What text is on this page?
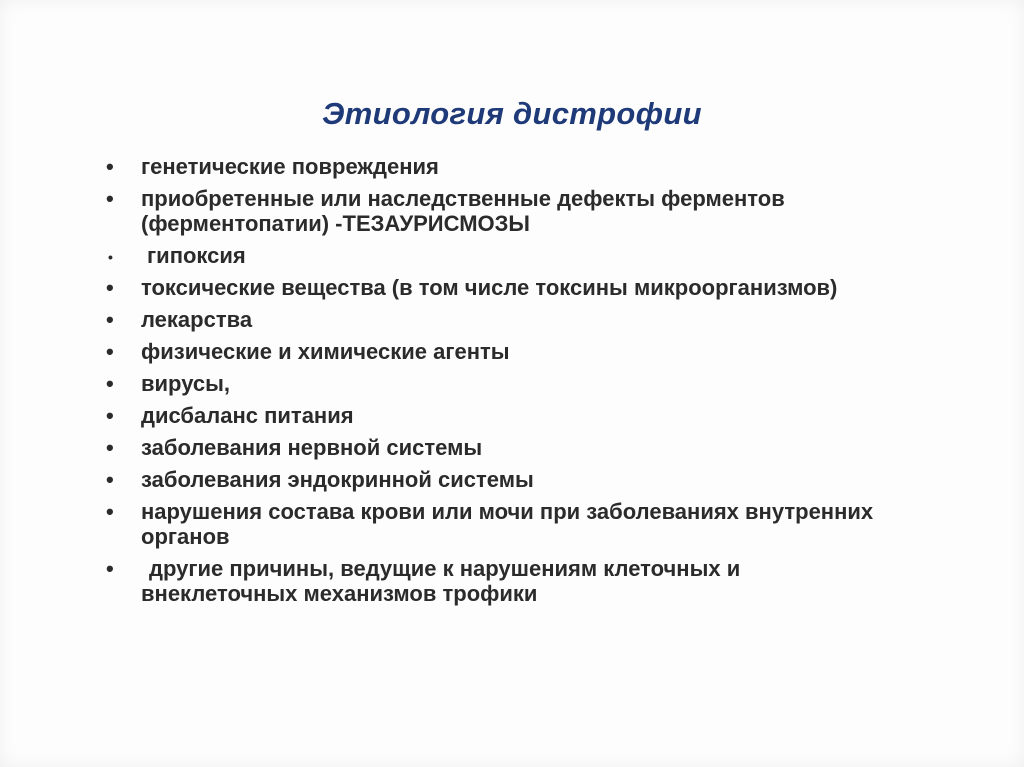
Этиология дистрофии
• генетические повреждения
• приобретенные или наследственные дефекты ферментов (ферментопатии) -ТЕЗАУРИСМОЗЫ
• гипоксия
• токсические вещества (в том числе токсины микроорганизмов)
• лекарства
• физические и химические агенты
• вирусы,
• дисбаланс питания
• заболевания нервной системы
• заболевания эндокринной системы
• нарушения состава крови или мочи при заболеваниях внутренних органов
• другие причины, ведущие к нарушениям клеточных и внеклеточных механизмов трофики
